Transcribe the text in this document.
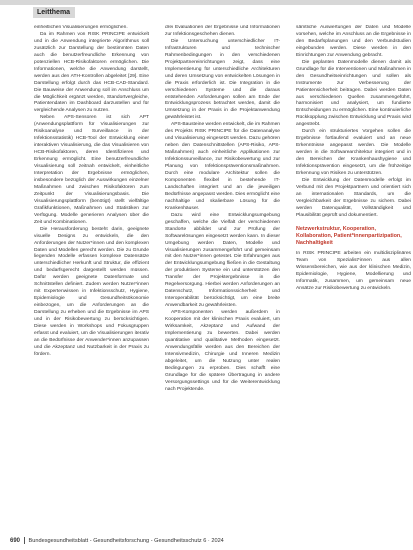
Leitthema

einheitlichen Visualisierungen ermöglichen.

Da im Rahmen von RISK PRINCIPE entwickelt und in die Anwendung integrierte Algorithmus soll zusätzlich zur Darstellung der bestimmten Daten auch die benutzerfreundliche Erkennung von potenziellen HCB-Risikofaktoren ermöglichen. Die Informationen, welche die Anwendung darstellt, werden aus den ATH-Kontrollen abgeleitet [29]. Eine Darstellung erfolgt durch das HCB-CAD-Standard. Die Bauweise der Anwendung soll im Anschluss um die Möglichkeit ergänzt werden, Standortvergleiche, Patientendaten im Dashboard darzustellen und für vergleichende Analysen zu nutzen.

Neben APS-Sensoren ist sich APT (Anwendungsplattform für Visualisierungen zur Risikoanalyse und Surveillance in der Infektionsstatistik) HCB-Tool der Entwicklung einer interaktiven Visualisierung, die das Visualisieren von HCB-Risikofaktoren, deren Identifizieren und Erkennung ermöglicht. Eine benutzerfreundliche Visualisierung soll zeitnah entwickelt, einheitliche Interpretation der Ergebnisse ermöglichen, insbesondere bezüglich der Auswirkungen einzelner Maßnahmen und zwischen Risikofaktoren zum Zeitpunkt der Visualisierungsbasis. Die Visualisierungsplattform (benötigt) stellt vielfältige Grafikfunktionen, Maßnahmen und Statistiken zur Verfügung. Modelle generieren Analysen über die Zeit und Kombinationen.

Die Herausforderung besteht darin, geeignete visuelle Designs zu entwickeln, die den Anforderungen der Nutzer*innen und den komplexen Daten und Modellen gerecht werden. Die zu Grunde liegenden Modelle erfassen komplexe Datensätze unterschiedlicher Herkunft und Struktur, die effizient und bedarfsgerecht dargestellt werden müssen. Dafür werden geeignete Datenformate und Schnittstellen definiert. Zudem werden Nutzer*innen mit Expertenwissen in Infektionsschutz, Hygiene, Epidemiologie und Gesundheitsökonomie einbezogen, um die Anforderungen an die Darstellung zu erheben und die Ergebnisse im APS und in der Risikobewertung zu berücksichtigen. Diese werden in Workshops und Fokusgruppen erfasst und evaluiert, um die Visualisierungen iterativ an die Bedürfnisse der Anwender*innen anzupassen und die Akzeptanz und Nutzbarkeit in der Praxis zu fördern.

drei Evaluationen der Ergebnisse und Informationen zur Infektionsgeschehen dienen.

Die Untersuchung unterschiedlicher IT-Infrastrukturen und technischer Rahmenbedingungen in den verschiedenen Projektpartnereinrichtungen zeigt, dass eine Implementierung für unterschiedliche Architekturen und deren Umsetzung von entwickelten Lösungen in die Praxis erforderlich ist. Die Integration in die verschiedenen Systeme und die daraus entstehenden Anforderungen sollen am Ende der Entwicklungsprozess betrachtet werden, damit die Umsetzung in der Praxis in die Projektanwendung gewährleistet ist.

APS-Bausteine werden entwickelt, die im Rahmen des Projekts RISK PRINCIPE für die Datenanalyse und Visualisierung eingesetzt werden. Dazu gehören neben den Datenschnittstellen (APS-Risiko, APS-Maßnahmen) auch einheitliche Applikationen zur Infektionssurveillance, zur Risikobewertung und zur Planung von Infektionspräventionsmaßnahmen. Durch eine modulare Architektur sollen die Komponenten flexibel in bestehende IT-Landschaften integriert und an die jeweiligen Bedürfnisse angepasst werden. Dies ermöglicht eine nachhaltige und skalierbare Lösung für die Krankenhäuser.

Dazu wird eine Entwicklungsumgebung geschaffen, welche die Vielfalt der verschiedenen Standorte abbildet und zur Prüfung der Softwarelösungen eingesetzt werden kann. In dieser Umgebung werden Daten, Modelle und Visualisierungen zusammengeführt und gemeinsam mit den Nutzer*innen getestet. Die Erfahrungen aus der Entwicklungsumgebung fließen in die Gestaltung der produktiven Systeme ein und unterstützen den Transfer der Projektergebnisse in die Regelversorgung. Hierbei werden Anforderungen an Datenschutz, Informationssicherheit und Interoperabilität berücksichtigt, um eine breite Anwendbarkeit zu gewährleisten.

APS-Komponenten werden außerdem in Kooperation mit der klinischen Praxis evaluiert, um Wirksamkeit, Akzeptanz und Aufwand der Implementierung zu bewerten. Dabei werden quantitative und qualitative Methoden eingesetzt. Anwendungsfälle werden aus den Bereichen der Intensivmedizin, Chirurgie und Inneren Medizin abgeleitet, um die Nutzung unter realen Bedingungen zu erproben. Dies schafft eine Grundlage für die spätere Übertragung in andere Versorgungssettings und für die Weiterentwicklung nach Projektende.

sämtliche Auswertungen der Daten und Modelle vorsehen, welche im Anschluss an die Ergebnisse in den Bedarfsplanungen und den Verbundstudien eingebunden werden. Diese werden in den Einrichtungen zur Anwendung gebracht.

Die geplanten Datenmodelle dienen damit als Grundlage für die Interventionen und Maßnahmen in den Gesundheitseinrichtungen und sollen als Instrumente zur Verbesserung der Patientensicherheit beitragen. Dabei werden Daten aus verschiedenen Quellen zusammengeführt, harmonisiert und analysiert, um fundierte Entscheidungen zu ermöglichen. Eine kontinuierliche Rückkopplung zwischen Entwicklung und Praxis wird angestrebt.

Durch ein strukturiertes Vorgehen sollen die Ergebnisse fortlaufend evaluiert und an neue Erkenntnisse angepasst werden. Die Modelle werden in die Softwarearchitektur integriert und in den Bereichen der Krankenhaushygiene und Infektionsprävention eingesetzt, um die frühzeitige Erkennung von Risiken zu unterstützen.

Die Entwicklung der Datenmodelle erfolgt im Verbund mit den Projektpartnern und orientiert sich an internationalen Standards, um die Vergleichbarkeit der Ergebnisse zu sichern. Dabei werden Datenqualität, Vollständigkeit und Plausibilität geprüft und dokumentiert.

Netzwerkstruktur, Kooperation, Kollaboration, Patient*innenpartizipation, Nachhaltigkeit

In RISK PRINCIPE arbeiten ein multidisziplinäres Team von Spezialist*innen aus allen Wissensbereichen, wie aus der klinischen Medizin, Epidemiologie, Hygiene, Modellierung und Informatik, zusammen, um gemeinsam neue Ansätze zur Risikobewertung zu entwickeln.

690 Bundesgesundheitsblatt - Gesundheitsforschung - Gesundheitsschutz 6 · 2024
